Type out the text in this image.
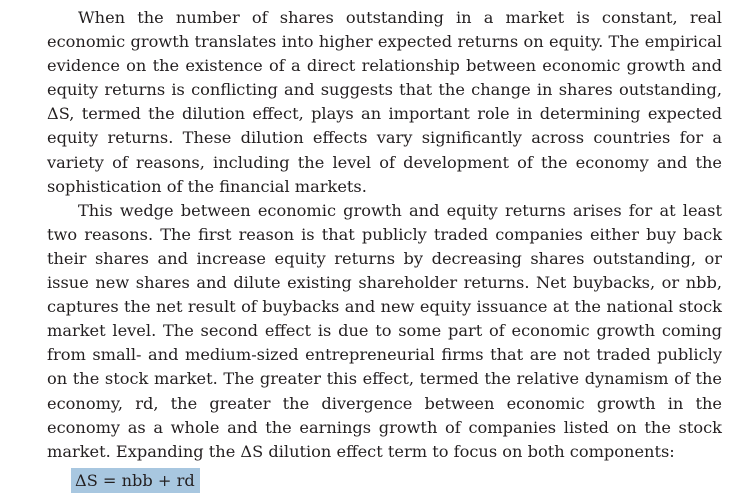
When the number of shares outstanding in a market is constant, real economic growth translates into higher expected returns on equity. The empirical evidence on the existence of a direct relationship between economic growth and equity returns is conflicting and suggests that the change in shares outstanding, ΔS, termed the dilution effect, plays an important role in determining expected equity returns. These dilution effects vary significantly across countries for a variety of reasons, including the level of development of the economy and the sophistication of the financial markets.

This wedge between economic growth and equity returns arises for at least two reasons. The first reason is that publicly traded companies either buy back their shares and increase equity returns by decreasing shares outstanding, or issue new shares and dilute existing shareholder returns. Net buybacks, or nbb, captures the net result of buybacks and new equity issuance at the national stock market level. The second effect is due to some part of economic growth coming from small- and medium-sized entrepreneurial firms that are not traded publicly on the stock market. The greater this effect, termed the relative dynamism of the economy, rd, the greater the divergence between economic growth in the economy as a whole and the earnings growth of companies listed on the stock market. Expanding the ΔS dilution effect term to focus on both components:

ΔS = nbb + rd
